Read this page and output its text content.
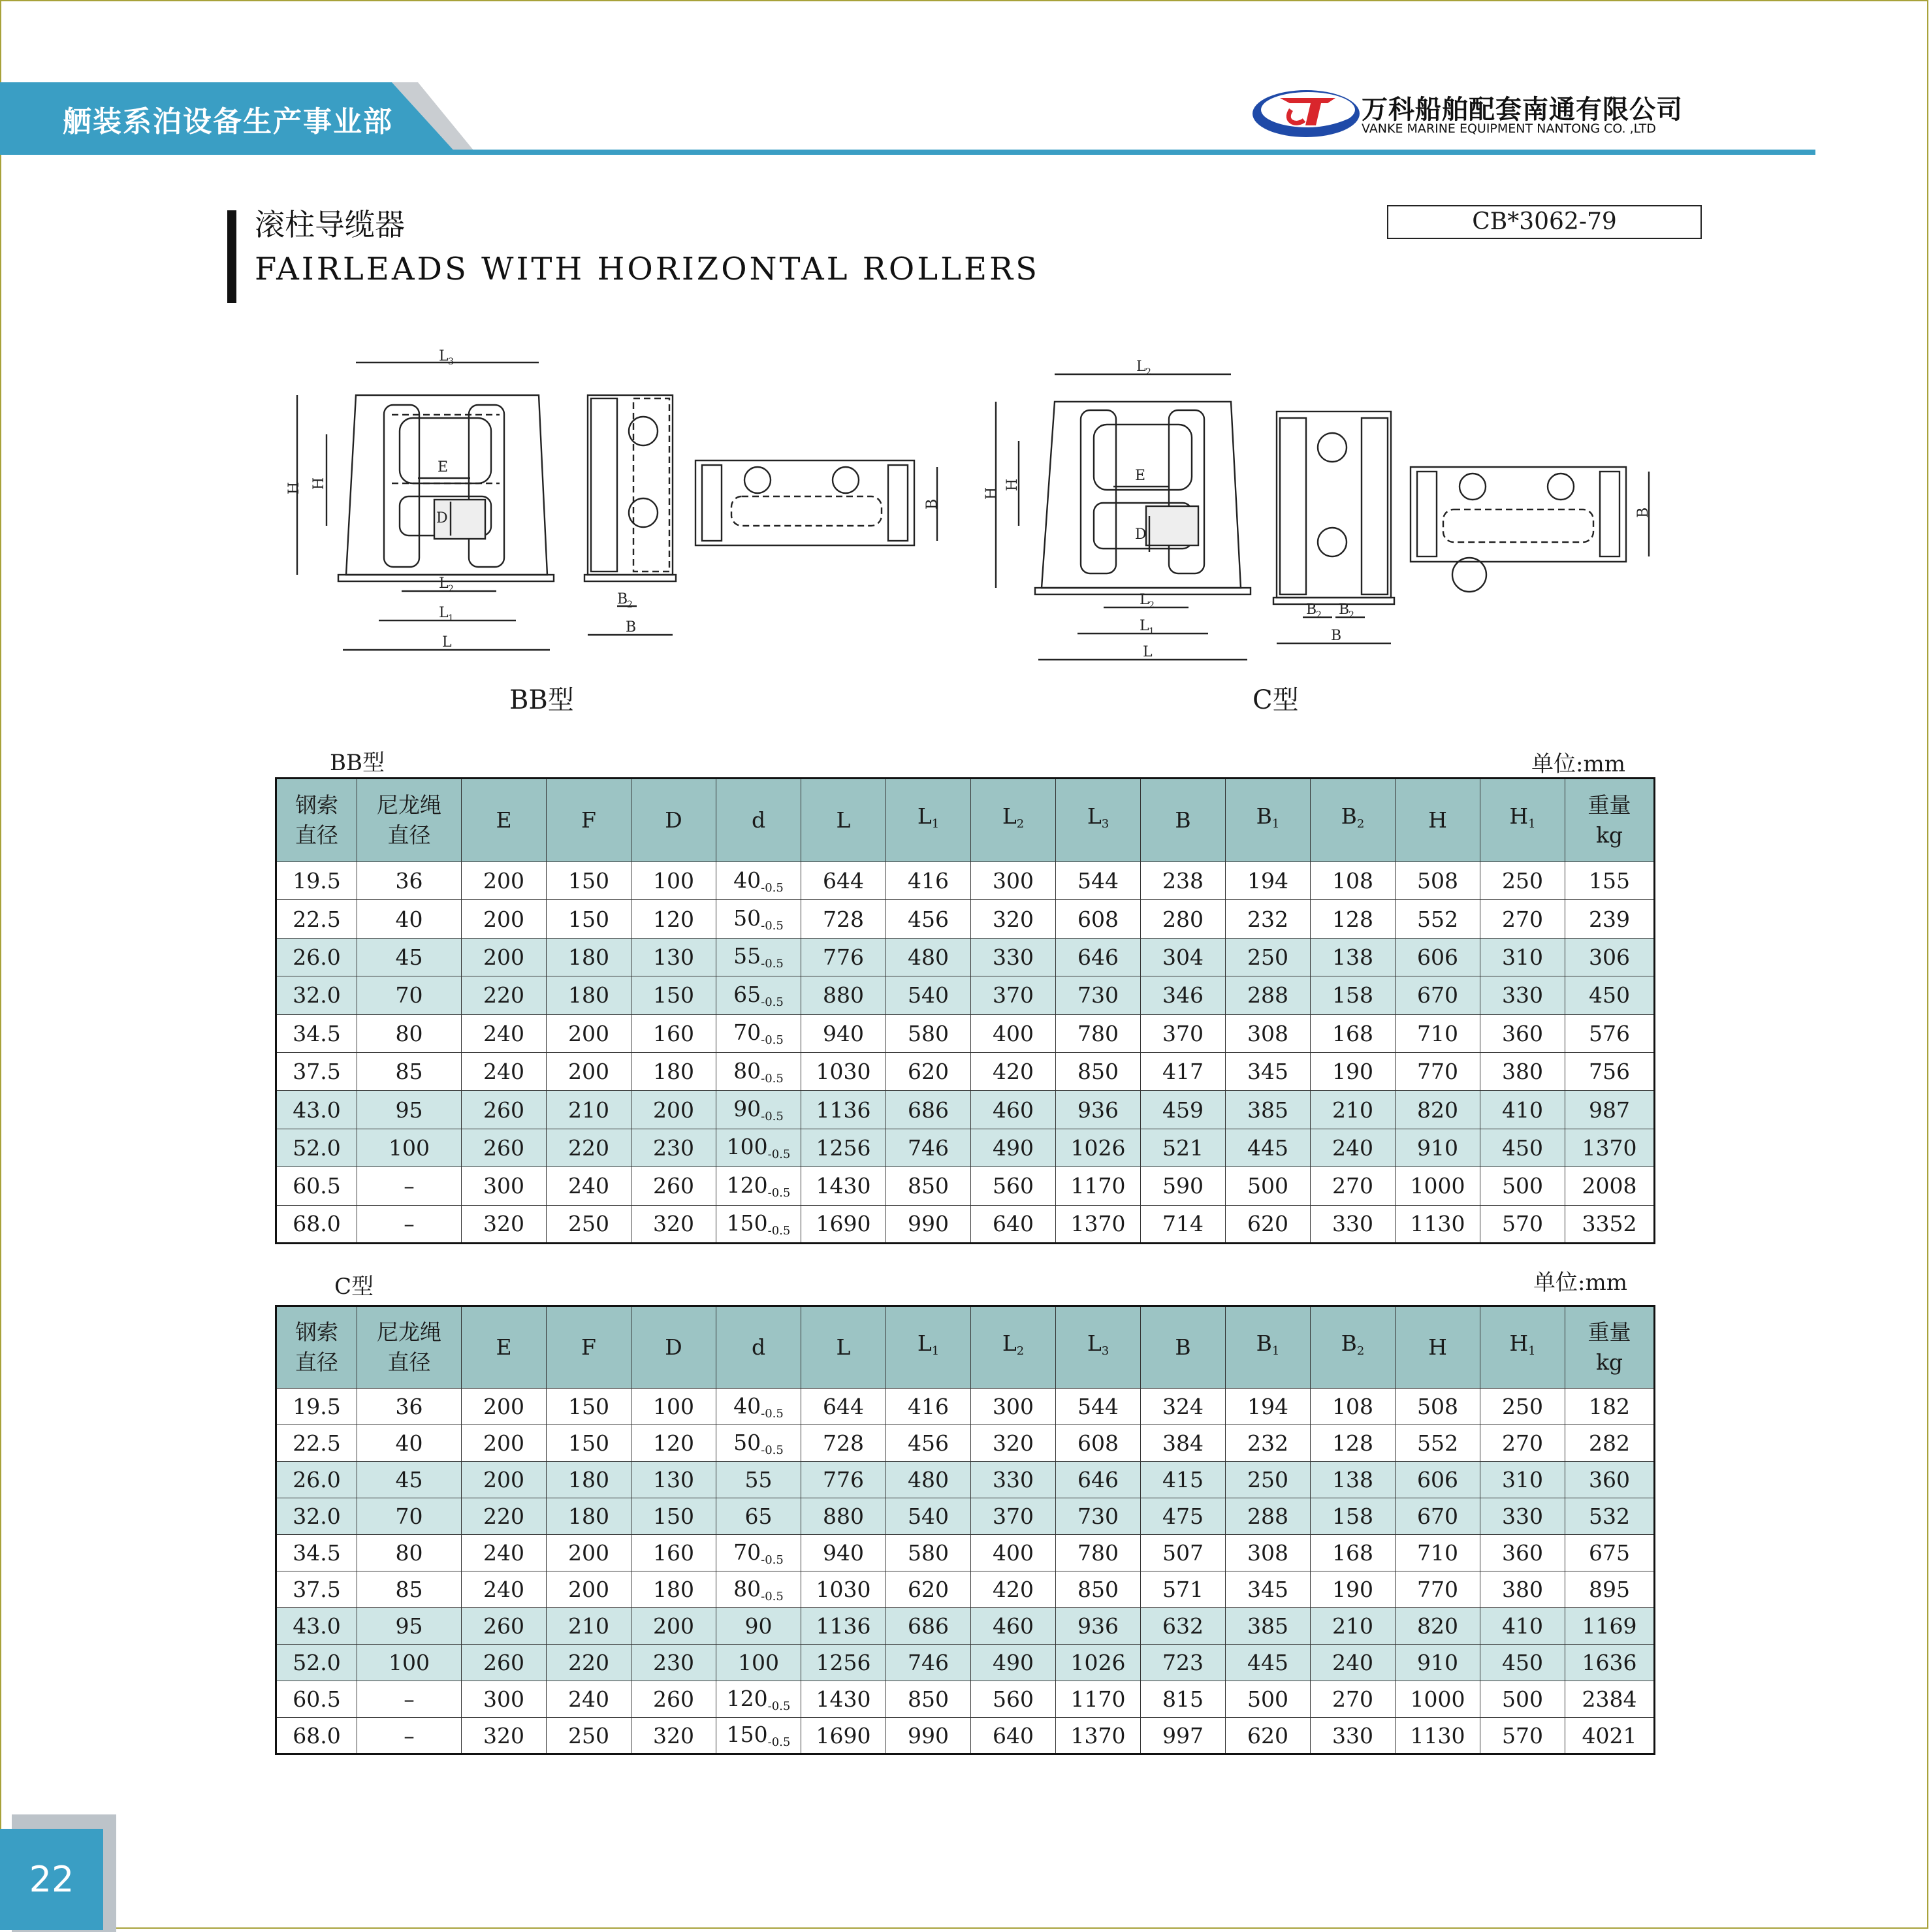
舾装系泊设备生产事业部	万科船舶配套南通有限公司
VANKE MARINE EQUIPMENT NANTONG CO. ,LTD
滚柱导缆器
FAIRLEADS WITH HORIZONTAL ROLLERS
CB*3062-79
L 3
H H
E
D
L 2
L 1
L
B
2
B
B
L 2
H
H
E
D
L 2
L 1
L
B
2 B
2
B
B
BB型	C型
BB型	单位:mm
钢索
直径	尼龙绳
直径	E	F	D	d	L	$L_1$	$L_2$	$L_3$	B	$B_1$	$B_2$	H	$H_1$	重量
kg
19.5	36	200	150	100	40-0.5	644	416	300	544	238	194	108	508	250	155
22.5	40	200	150	120	50-0.5	728	456	320	608	280	232	128	552	270	239
26.0	45	200	180	130	55-0.5	776	480	330	646	304	250	138	606	310	306
32.0	70	220	180	150	65-0.5	880	540	370	730	346	288	158	670	330	450
34.5	80	240	200	160	70-0.5	940	580	400	780	370	308	168	710	360	576
37.5	85	240	200	180	80-0.5	1030	620	420	850	417	345	190	770	380	756
43.0	95	260	210	200	90-0.5	1136	686	460	936	459	385	210	820	410	987
52.0	100	260	220	230	100-0.5	1256	746	490	1026	521	445	240	910	450	1370
60.5	–	300	240	260	120-0.5	1430	850	560	1170	590	500	270	1000	500	2008
68.0	–	320	250	320	150-0.5	1690	990	640	1370	714	620	330	1130	570	3352
C型	单位:mm
钢索
直径	尼龙绳
直径	E	F	D	d	L	$L_1$	$L_2$	$L_3$	B	$B_1$	$B_2$	H	$H_1$	重量
kg
19.5	36	200	150	100	40-0.5	644	416	300	544	324	194	108	508	250	182
22.5	40	200	150	120	50-0.5	728	456	320	608	384	232	128	552	270	282
26.0	45	200	180	130	55	776	480	330	646	415	250	138	606	310	360
32.0	70	220	180	150	65	880	540	370	730	475	288	158	670	330	532
34.5	80	240	200	160	70-0.5	940	580	400	780	507	308	168	710	360	675
37.5	85	240	200	180	80-0.5	1030	620	420	850	571	345	190	770	380	895
43.0	95	260	210	200	90	1136	686	460	936	632	385	210	820	410	1169
52.0	100	260	220	230	100	1256	746	490	1026	723	445	240	910	450	1636
60.5	–	300	240	260	120-0.5	1430	850	560	1170	815	500	270	1000	500	2384
68.0	–	320	250	320	150-0.5	1690	990	640	1370	997	620	330	1130	570	4021
22
